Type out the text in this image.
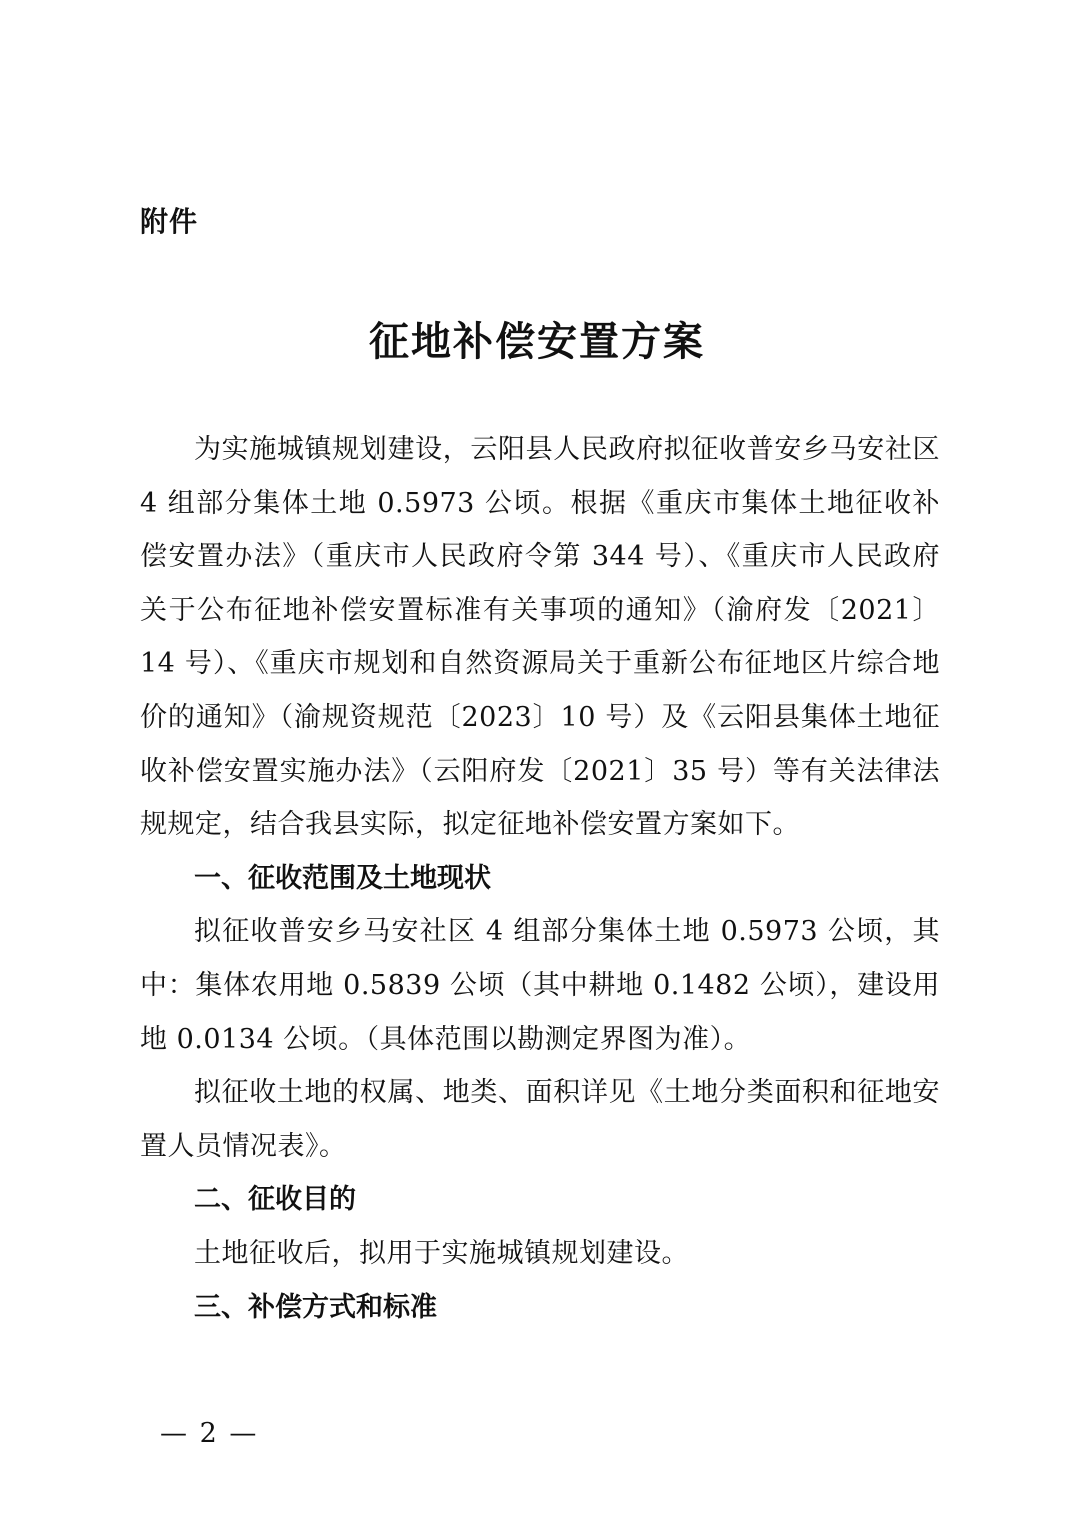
附件
征地补偿安置方案

为实施城镇规划建设，云阳县人民政府拟征收普安乡马安社区 4 组部分集体土地 0.5973 公顷。根据《重庆市集体土地征收补偿安置办法》（重庆市人民政府令第 344 号）、《重庆市人民政府关于公布征地补偿安置标准有关事项的通知》（渝府发〔2021〕14 号）、《重庆市规划和自然资源局关于重新公布征地区片综合地价的通知》（渝规资规范〔2023〕10 号）及《云阳县集体土地征收补偿安置实施办法》（云阳府发〔2021〕35 号）等有关法律法规规定，结合我县实际，拟定征地补偿安置方案如下。

一、征收范围及土地现状

拟征收普安乡马安社区 4 组部分集体土地 0.5973 公顷，其中：集体农用地 0.5839 公顷（其中耕地 0.1482 公顷），建设用地 0.0134 公顷。（具体范围以勘测定界图为准）。

拟征收土地的权属、地类、面积详见《土地分类面积和征地安置人员情况表》。

二、征收目的

土地征收后，拟用于实施城镇规划建设。

三、补偿方式和标准
— 2 —
